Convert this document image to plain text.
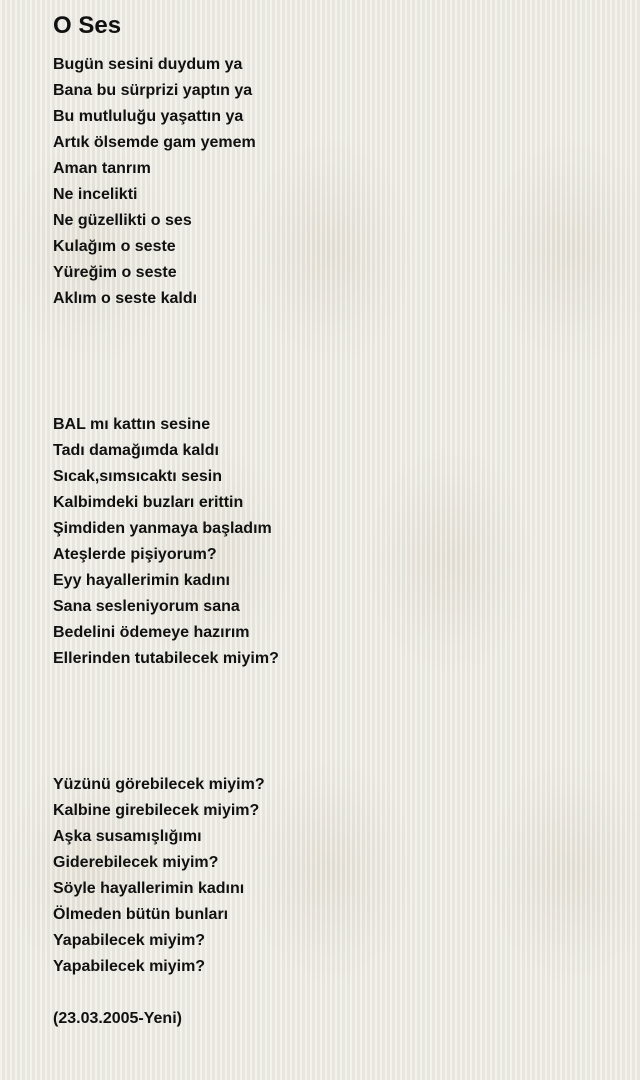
O Ses
Bugün sesini duydum ya
Bana bu sürprizi yaptın ya
Bu mutluluğu yaşattın ya
Artık ölsemde gam yemem
Aman tanrım
Ne incelikti
Ne güzellikti o ses
Kulağım o seste
Yüreğim o seste
Aklım o seste kaldı
BAL mı kattın sesine
Tadı damağımda kaldı
Sıcak,sımsıcaktı sesin
Kalbimdeki buzları erittin
Şimdiden yanmaya başladım
Ateşlerde pişiyorum?
Eyy hayallerimin kadını
Sana sesleniyorum sana
Bedelini ödemeye hazırım
Ellerinden tutabilecek miyim?
Yüzünü görebilecek miyim?
Kalbine girebilecek miyim?
Aşka susamışlığımı
Giderebilecek miyim?
Söyle hayallerimin kadını
Ölmeden bütün bunları
Yapabilecek miyim?
Yapabilecek miyim?
(23.03.2005-Yeni)
